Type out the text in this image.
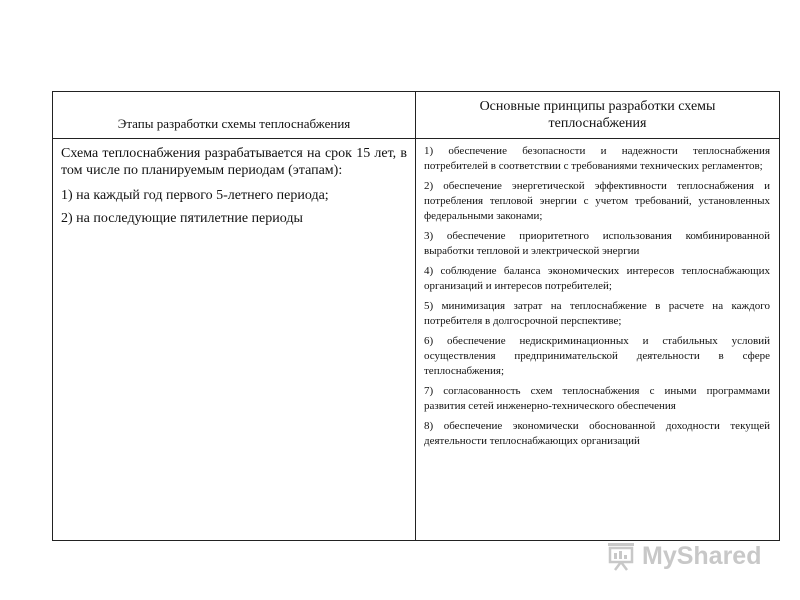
Этапы разработки схемы теплоснабжения
Основные принципы разработки схемы теплоснабжения

Схема теплоснабжения разрабатывается на срок 15 лет, в том числе по планируемым периодам (этапам):

1) на каждый год первого 5-летнего периода;

2) на последующие пятилетние периоды

1) обеспечение безопасности и надежности теплоснабжения потребителей в соответствии с требованиями технических регламентов;

2) обеспечение энергетической эффективности теплоснабжения и потребления тепловой энергии с учетом требований, установленных федеральными законами;

3) обеспечение приоритетного использования комбинированной выработки тепловой и электрической энергии

4) соблюдение баланса экономических интересов теплоснабжающих организаций и интересов потребителей;

5) минимизация затрат на теплоснабжение в расчете на каждого потребителя в долгосрочной перспективе;

6) обеспечение недискриминационных и стабильных условий осуществления предпринимательской деятельности в сфере теплоснабжения;

7) согласованность схем теплоснабжения с иными программами развития сетей инженерно-технического обеспечения

8) обеспечение экономически обоснованной доходности текущей деятельности теплоснабжающих организаций

MyShared
